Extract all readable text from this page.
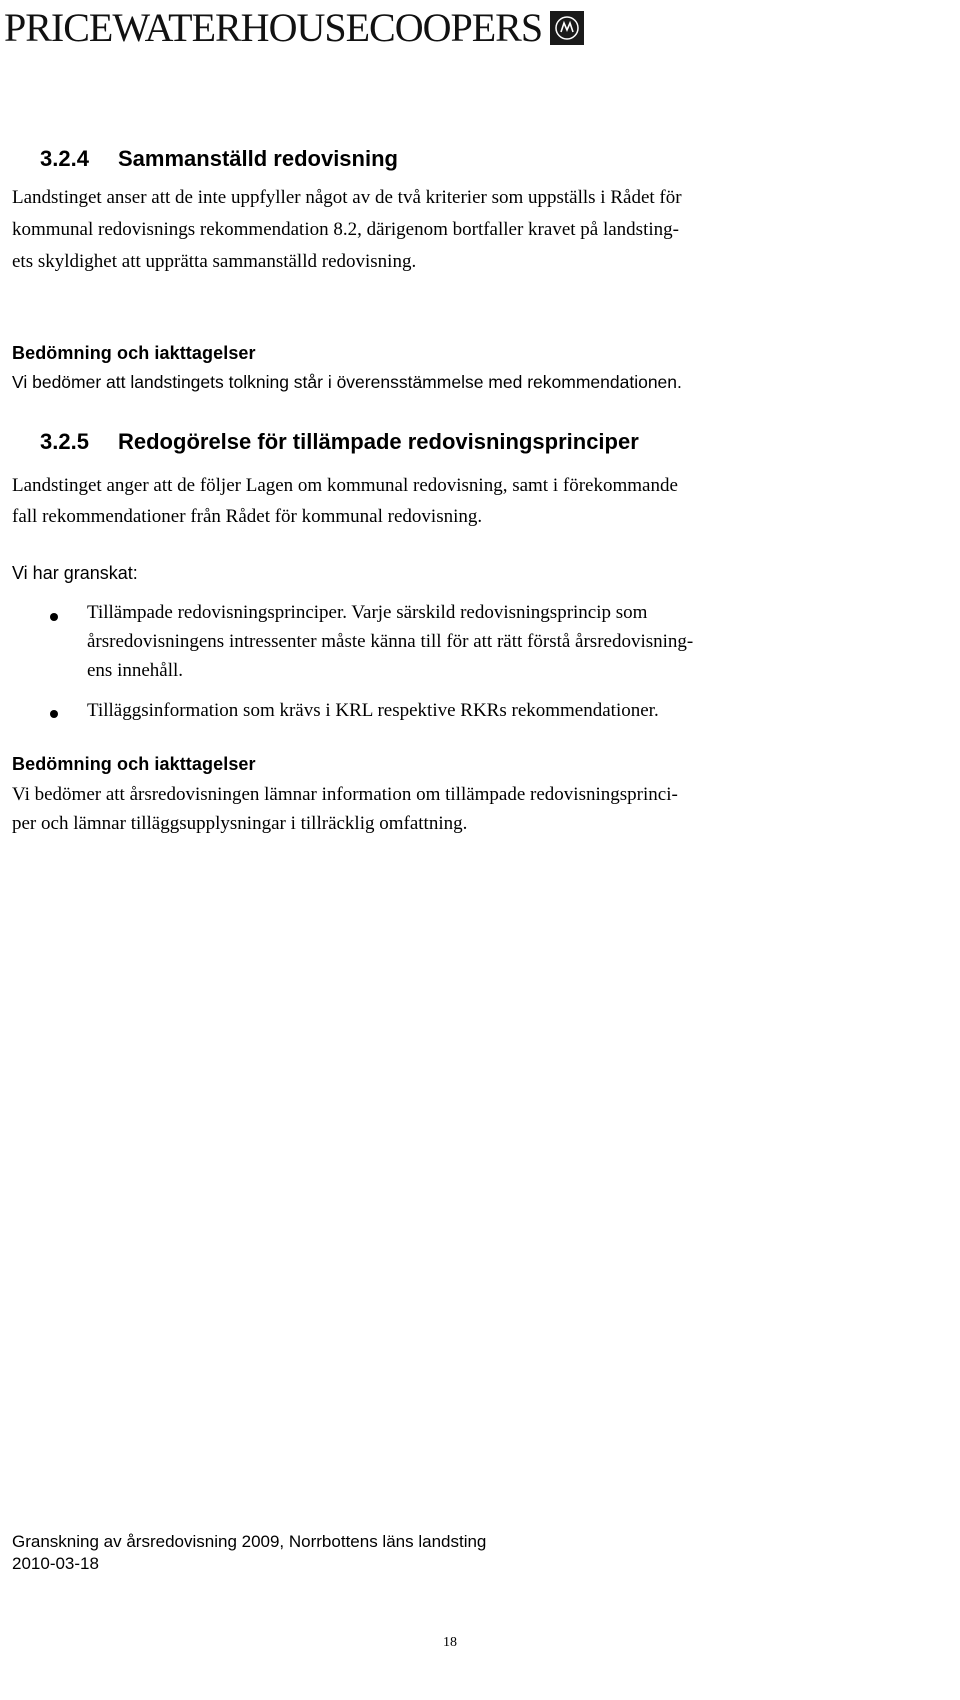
PRICEWATERHOUSECOOPERS
3.2.4 Sammanställd redovisning
Landstinget anser att de inte uppfyller något av de två kriterier som uppställs i Rådet för
kommunal redovisnings rekommendation 8.2, därigenom bortfaller kravet på landsting-
ets skyldighet att upprätta sammanställd redovisning.
Bedömning och iakttagelser
Vi bedömer att landstingets tolkning står i överensstämmelse med rekommendationen.
3.2.5 Redogörelse för tillämpade redovisningsprinciper
Landstinget anger att de följer Lagen om kommunal redovisning, samt i förekommande
fall rekommendationer från Rådet för kommunal redovisning.
Vi har granskat:
Tillämpade redovisningsprinciper. Varje särskild redovisningsprincip som
årsredovisningens intressenter måste känna till för att rätt förstå årsredovisning-
ens innehåll.
Tilläggsinformation som krävs i KRL respektive RKRs rekommendationer.
Bedömning och iakttagelser
Vi bedömer att årsredovisningen lämnar information om tillämpade redovisningsprinci-
per och lämnar tilläggsupplysningar i tillräcklig omfattning.
Granskning av årsredovisning 2009, Norrbottens läns landsting
2010-03-18
18
